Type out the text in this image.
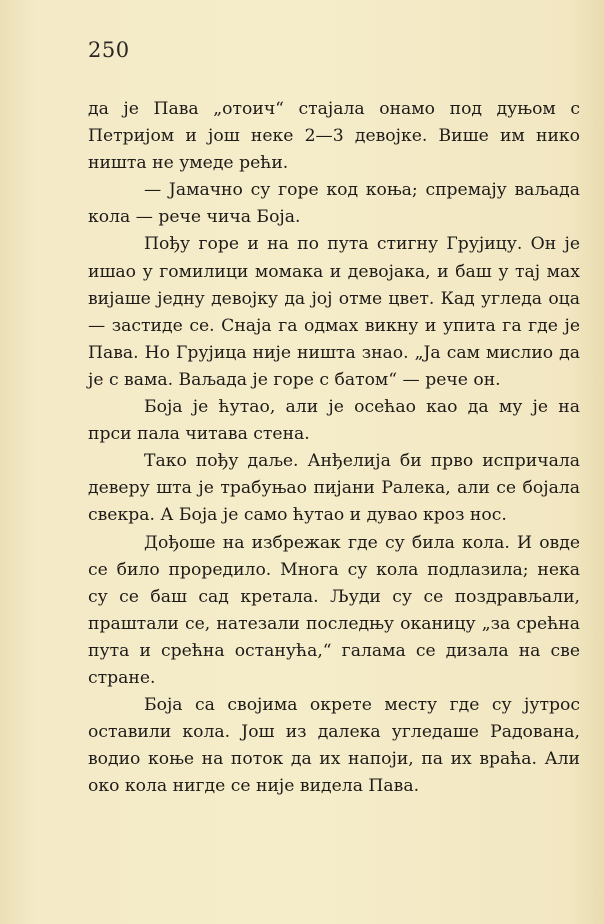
250

да је Пава „отоич“ стајала онамо под дуњом с Петријом и још неке 2—3 девојке. Више им нико ништа не умеде рећи.

— Јамачно су горе код коња; спремају ваљада кола — рече чича Боја.

Пођу горе и на по пута стигну Грујицу. Он је ишао у гомилици момака и девојака, и баш у тај мах вијаше једну девојку да јој отме цвет. Кад угледа оца — застиде се. Снаја га одмах викну и упита га где је Пава. Но Грујица није ништа знао. „Ја сам мислио да је с вама. Ваљада је горе с батом“ — рече он.

Боја је ћутао, али је осећао као да му је на прси пала читава стена.

Тако пођу даље. Анђелија би прво испричала деверу шта је трабуњао пијани Ралека, али се бојала свекра. А Боја је само ћутао и дувао кроз нос.

Дођоше на избрежак где су била кола. И овде се било проредило. Многа су кола подлазила; нека су се баш сад кретала. Људи су се поздрављали, праштали се, натезали последњу оканицу „за срећна пута и срећна останућа,“ галама се дизала на све стране.

Боја са својима окрете месту где су јутрос оставили кола. Још из далека угледаше Радована, водио коње на поток да их напоји, па их враћа. Али око кола нигде се није видела Пава.
